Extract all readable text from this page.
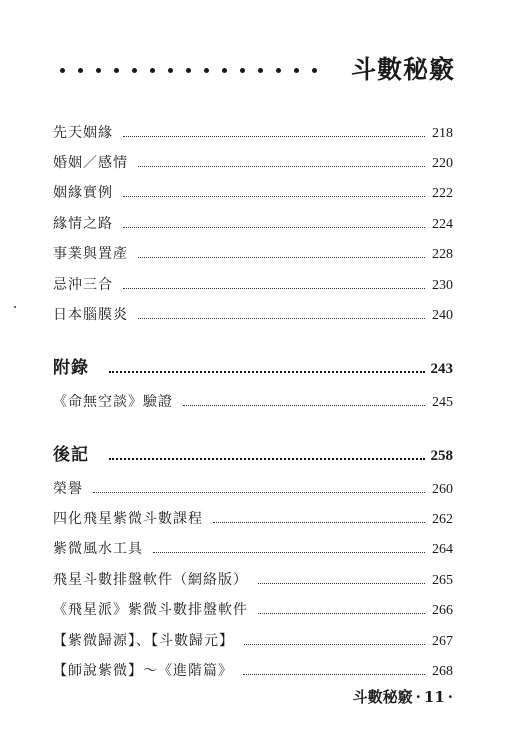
斗數秘竅
先天姻緣	218
婚姻／感情	220
姻緣實例	222
緣情之路	224
事業與置產	228
忌沖三合	230
日本腦膜炎	240
附錄	243
《命無空談》驗證	245
後記	258
榮譽	260
四化飛星紫微斗數課程	262
紫微風水工具	264
飛星斗數排盤軟件（網絡版）	265
《飛星派》紫微斗數排盤軟件	266
【紫微歸源】、【斗數歸元】	267
【師說紫微】～《進階篇》	268
斗數秘竅 · 11 ·
